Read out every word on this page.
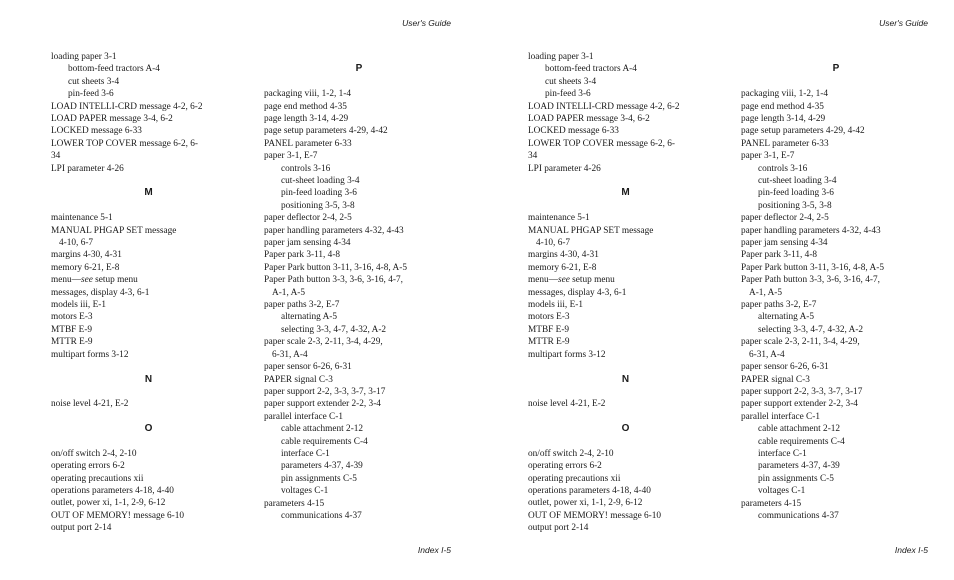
User's Guide
loading paper 3-1
bottom-feed tractors A-4
cut sheets 3-4
pin-feed 3-6
LOAD INTELLI-CRD message 4-2, 6-2
LOAD PAPER message 3-4, 6-2
LOCKED message 6-33
LOWER TOP COVER message 6-2, 6-
34
LPI parameter 4-26
M
maintenance 5-1
MANUAL PHGAP SET message
4-10, 6-7
margins 4-30, 4-31
memory 6-21, E-8
menu—see setup menu
messages, display 4-3, 6-1
models iii, E-1
motors E-3
MTBF E-9
MTTR E-9
multipart forms 3-12
N
noise level 4-21, E-2
O
on/off switch 2-4, 2-10
operating errors 6-2
operating precautions xii
operations parameters 4-18, 4-40
outlet, power xi, 1-1, 2-9, 6-12
OUT OF MEMORY! message 6-10
output port 2-14
P
packaging viii, 1-2, 1-4
page end method 4-35
page length 3-14, 4-29
page setup parameters 4-29, 4-42
PANEL parameter 6-33
paper 3-1, E-7
controls 3-16
cut-sheet loading 3-4
pin-feed loading 3-6
positioning 3-5, 3-8
paper deflector 2-4, 2-5
paper handling parameters 4-32, 4-43
paper jam sensing 4-34
Paper park 3-11, 4-8
Paper Park button 3-11, 3-16, 4-8, A-5
Paper Path button 3-3, 3-6, 3-16, 4-7,
A-1, A-5
paper paths 3-2, E-7
alternating A-5
selecting 3-3, 4-7, 4-32, A-2
paper scale 2-3, 2-11, 3-4, 4-29,
6-31, A-4
paper sensor 6-26, 6-31
PAPER signal C-3
paper support 2-2, 3-3, 3-7, 3-17
paper support extender 2-2, 3-4
parallel interface C-1
cable attachment 2-12
cable requirements C-4
interface C-1
parameters 4-37, 4-39
pin assignments C-5
voltages C-1
parameters 4-15
communications 4-37
Index I-5
User's Guide
loading paper 3-1
bottom-feed tractors A-4
cut sheets 3-4
pin-feed 3-6
LOAD INTELLI-CRD message 4-2, 6-2
LOAD PAPER message 3-4, 6-2
LOCKED message 6-33
LOWER TOP COVER message 6-2, 6-
34
LPI parameter 4-26
M
maintenance 5-1
MANUAL PHGAP SET message
4-10, 6-7
margins 4-30, 4-31
memory 6-21, E-8
menu—see setup menu
messages, display 4-3, 6-1
models iii, E-1
motors E-3
MTBF E-9
MTTR E-9
multipart forms 3-12
N
noise level 4-21, E-2
O
on/off switch 2-4, 2-10
operating errors 6-2
operating precautions xii
operations parameters 4-18, 4-40
outlet, power xi, 1-1, 2-9, 6-12
OUT OF MEMORY! message 6-10
output port 2-14
P
packaging viii, 1-2, 1-4
page end method 4-35
page length 3-14, 4-29
page setup parameters 4-29, 4-42
PANEL parameter 6-33
paper 3-1, E-7
controls 3-16
cut-sheet loading 3-4
pin-feed loading 3-6
positioning 3-5, 3-8
paper deflector 2-4, 2-5
paper handling parameters 4-32, 4-43
paper jam sensing 4-34
Paper park 3-11, 4-8
Paper Park button 3-11, 3-16, 4-8, A-5
Paper Path button 3-3, 3-6, 3-16, 4-7,
A-1, A-5
paper paths 3-2, E-7
alternating A-5
selecting 3-3, 4-7, 4-32, A-2
paper scale 2-3, 2-11, 3-4, 4-29,
6-31, A-4
paper sensor 6-26, 6-31
PAPER signal C-3
paper support 2-2, 3-3, 3-7, 3-17
paper support extender 2-2, 3-4
parallel interface C-1
cable attachment 2-12
cable requirements C-4
interface C-1
parameters 4-37, 4-39
pin assignments C-5
voltages C-1
parameters 4-15
communications 4-37
Index I-5
